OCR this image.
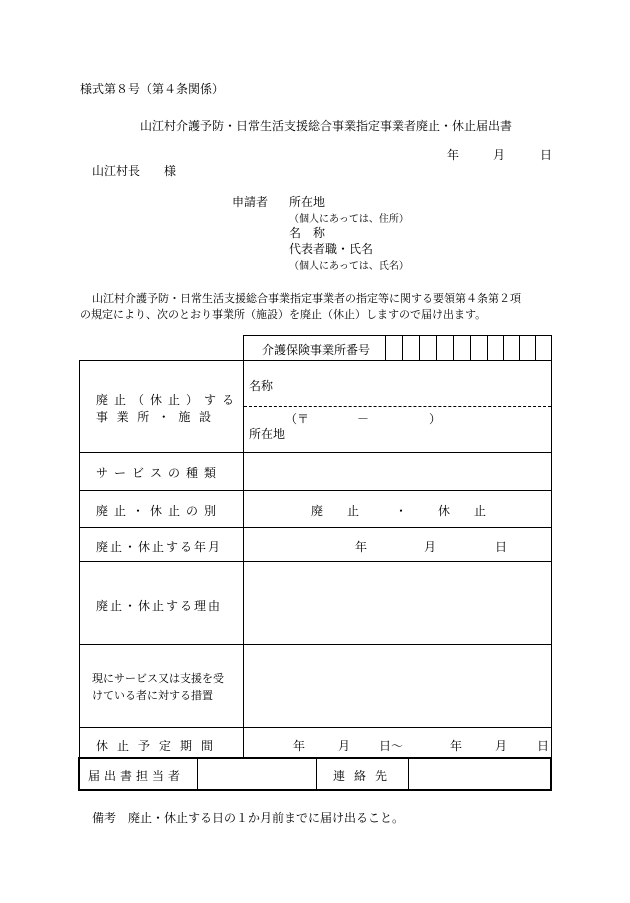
様式第８号（第４条関係）
山江村介護予防・日常生活支援総合事業指定事業者廃止・休止届出書
年	月	日
山江村長　　様
申請者 所在地
（個人にあっては、住所）
名　称
代表者職・氏名
（個人にあっては、氏名）
山江村介護予防・日常生活支援総合事業指定事業者の指定等に関する要領第４条第２項
の規定により、次のとおり事業所（施設）を廃止（休止）しますので届け出ます。
介護保険事業所番号
廃止（休止）する
事業所・施設
名称
（〒　　　　－　　　　　）
所在地
サービスの種類
廃止・休止の別	廃　　止	・	休　　止
廃止・休止する年月	年	月	日
廃止・休止する理由
現にサービス又は支援を受
けている者に対する措置
休止予定期間	年	月 日～	年	月 日
届出書担当者	連絡先
備考　廃止・休止する日の１か月前までに届け出ること。
